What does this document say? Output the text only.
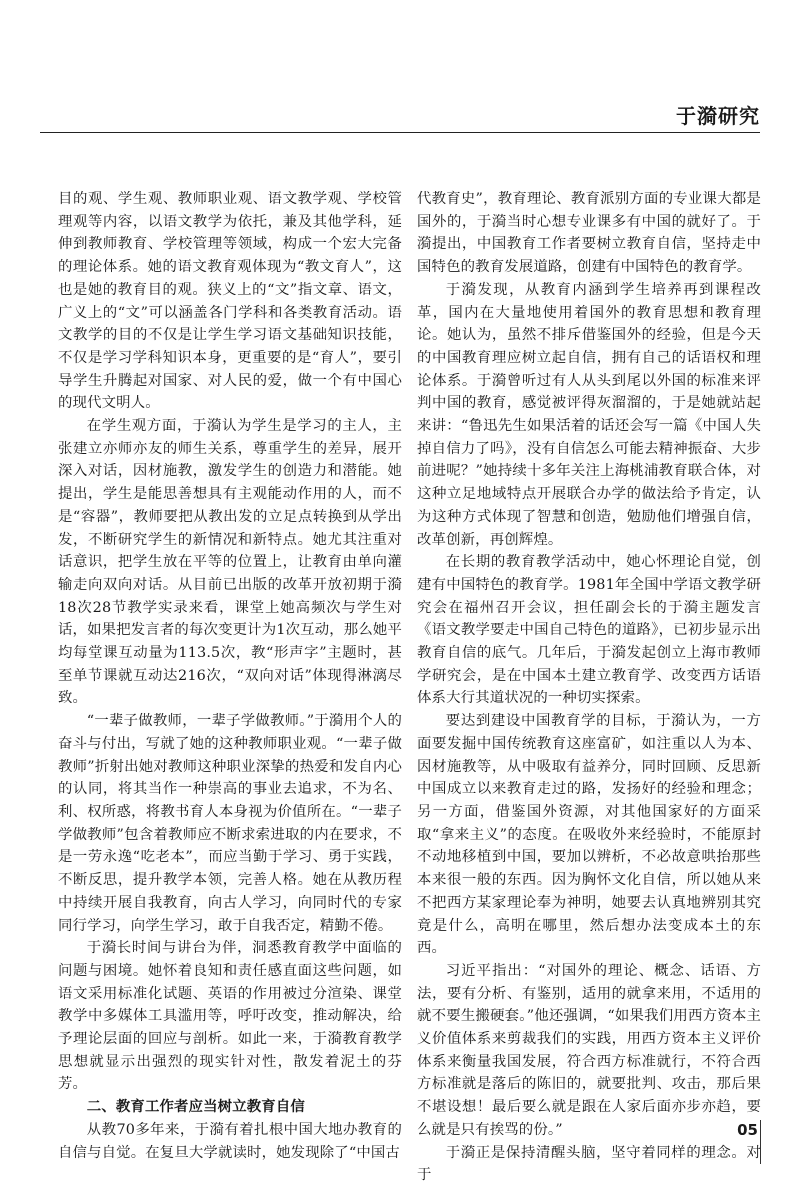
于漪研究

目的观、学生观、教师职业观、语文教学观、学校管理观等内容，以语文教学为依托，兼及其他学科，延伸到教师教育、学校管理等领域，构成一个宏大完备的理论体系。她的语文教育观体现为“教文育人”，这也是她的教育目的观。狭义上的“文”指文章、语文，广义上的“文”可以涵盖各门学科和各类教育活动。语文教学的目的不仅是让学生学习语文基础知识技能，不仅是学习学科知识本身，更重要的是“育人”，要引导学生升腾起对国家、对人民的爱，做一个有中国心的现代文明人。

在学生观方面，于漪认为学生是学习的主人，主张建立亦师亦友的师生关系，尊重学生的差异，展开深入对话，因材施教，激发学生的创造力和潜能。她提出，学生是能思善想具有主观能动作用的人，而不是“容器”，教师要把从教出发的立足点转换到从学出发，不断研究学生的新情况和新特点。她尤其注重对话意识，把学生放在平等的位置上，让教育由单向灌输走向双向对话。从目前已出版的改革开放初期于漪18次28节教学实录来看，课堂上她高频次与学生对话，如果把发言者的每次变更计为1次互动，那么她平均每堂课互动量为113.5次，教“形声字”主题时，甚至单节课就互动达216次，“双向对话”体现得淋漓尽致。

“一辈子做教师，一辈子学做教师。”于漪用个人的奋斗与付出，写就了她的这种教师职业观。“一辈子做教师”折射出她对教师这种职业深挚的热爱和发自内心的认同，将其当作一种崇高的事业去追求，不为名、利、权所惑，将教书育人本身视为价值所在。“一辈子学做教师”包含着教师应不断求索进取的内在要求，不是一劳永逸“吃老本”，而应当勤于学习、勇于实践，不断反思，提升教学本领，完善人格。她在从教历程中持续开展自我教育，向古人学习，向同时代的专家同行学习，向学生学习，敢于自我否定，精勤不倦。

于漪长时间与讲台为伴，洞悉教育教学中面临的问题与困境。她怀着良知和责任感直面这些问题，如语文采用标准化试题、英语的作用被过分渲染、课堂教学中多媒体工具滥用等，呼吁改变，推动解决，给予理论层面的回应与剖析。如此一来，于漪教育教学思想就显示出强烈的现实针对性，散发着泥土的芬芳。

二、教育工作者应当树立教育自信

从教70多年来，于漪有着扎根中国大地办教育的自信与自觉。在复旦大学就读时，她发现除了“中国古

代教育史”，教育理论、教育派别方面的专业课大都是国外的，于漪当时心想专业课多有中国的就好了。于漪提出，中国教育工作者要树立教育自信，坚持走中国特色的教育发展道路，创建有中国特色的教育学。

于漪发现，从教育内涵到学生培养再到课程改革，国内在大量地使用着国外的教育思想和教育理论。她认为，虽然不排斥借鉴国外的经验，但是今天的中国教育理应树立起自信，拥有自己的话语权和理论体系。于漪曾听过有人从头到尾以外国的标准来评判中国的教育，感觉被评得灰溜溜的，于是她就站起来讲：“鲁迅先生如果活着的话还会写一篇《中国人失掉自信力了吗》，没有自信怎么可能去精神振奋、大步前进呢？”她持续十多年关注上海桃浦教育联合体，对这种立足地域特点开展联合办学的做法给予肯定，认为这种方式体现了智慧和创造，勉励他们增强自信，改革创新，再创辉煌。

在长期的教育教学活动中，她心怀理论自觉，创建有中国特色的教育学。1981年全国中学语文教学研究会在福州召开会议，担任副会长的于漪主题发言《语文教学要走中国自己特色的道路》，已初步显示出教育自信的底气。几年后，于漪发起创立上海市教师学研究会，是在中国本土建立教育学、改变西方话语体系大行其道状况的一种切实探索。

要达到建设中国教育学的目标，于漪认为，一方面要发掘中国传统教育这座富矿，如注重以人为本、因材施教等，从中吸取有益养分，同时回顾、反思新中国成立以来教育走过的路，发扬好的经验和理念；另一方面，借鉴国外资源，对其他国家好的方面采取“拿来主义”的态度。在吸收外来经验时，不能原封不动地移植到中国，要加以辨析，不必故意哄抬那些本来很一般的东西。因为胸怀文化自信，所以她从来不把西方某家理论奉为神明，她要去认真地辨别其究竟是什么，高明在哪里，然后想办法变成本土的东西。

习近平指出：“对国外的理论、概念、话语、方法，要有分析、有鉴别，适用的就拿来用，不适用的就不要生搬硬套。”他还强调，“如果我们用西方资本主义价值体系来剪裁我们的实践，用西方资本主义评价体系来衡量我国发展，符合西方标准就行，不符合西方标准就是落后的陈旧的，就要批判、攻击，那后果不堪设想！最后要么就是跟在人家后面亦步亦趋，要么就是只有挨骂的份。”

于漪正是保持清醒头脑，坚守着同样的理念。对于

05
